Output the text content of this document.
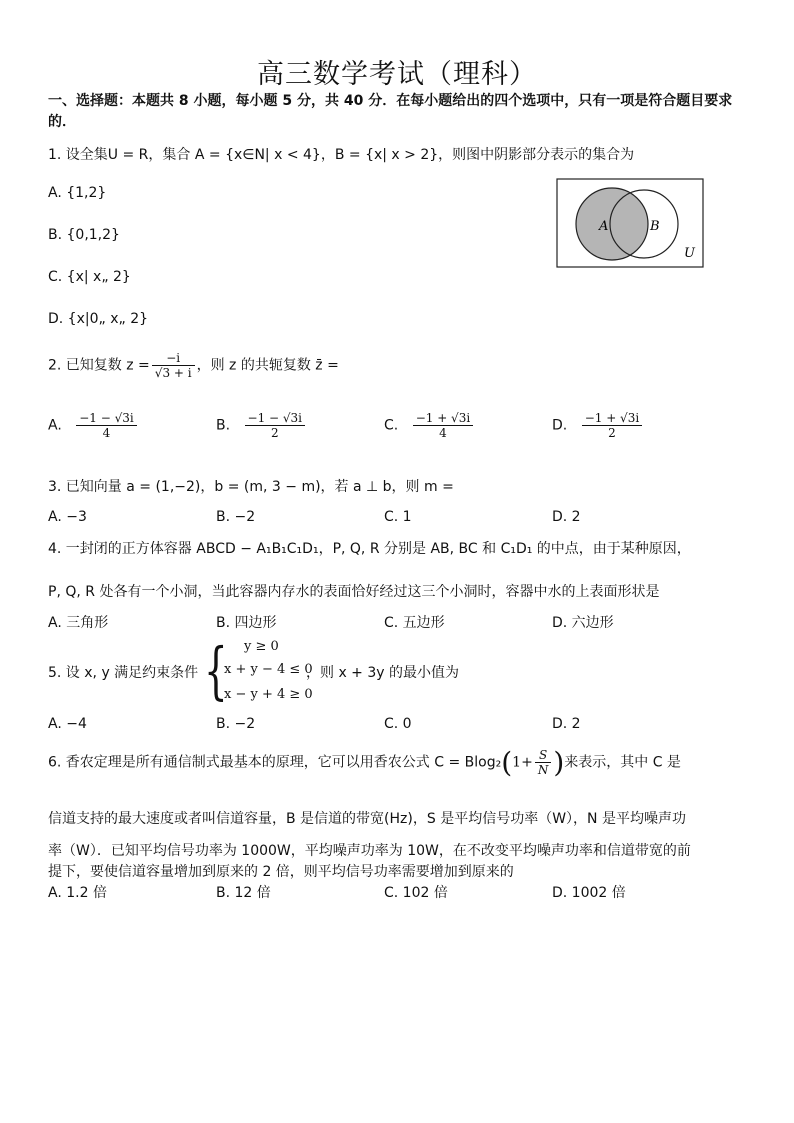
高三数学考试（理科）
一、选择题：本题共 8 小题，每小题 5 分，共 40 分．在每小题给出的四个选项中，只有一项是符合题目要求的．
1. 设全集U = R，集合 A = {x∈N| x < 4}，B = {x| x > 2}，则图中阴影部分表示的集合为
A. {1,2}
B. {0,1,2}
C. {x| x„ 2}
D. {x|0„ x„ 2}
A	B
U
2. 已知复数 $z = \frac{-i}{√3 + i}$ ，则 z 的共轭复数 z̄ =
A. $\frac{-1 - √3i}{4}$	B. $\frac{-1 - √3i}{2}$	C. $\frac{-1 + √3i}{4}$	D. $\frac{-1 + √3i}{2}$
3. 已知向量 a = (1,−2)，b = (m, 3 − m)，若 a ⊥ b，则 m =
A. −3	B. −2	C. 1	D. 2
4. 一封闭的正方体容器 ABCD − A₁B₁C₁D₁，P, Q, R 分别是 AB, BC 和 C₁D₁ 的中点，由于某种原因，
P, Q, R 处各有一个小洞，当此容器内存水的表面恰好经过这三个小洞时，容器中水的上表面形状是
A. 三角形	B. 四边形	C. 五边形	D. 六边形
5. 设 x, y 满足约束条件 { y ≥ 0
x + y − 4 ≤ 0
x − y + 4 ≥ 0
，则 x + 3y 的最小值为
A. −4	B. −2	C. 0	D. 2
6. 香农定理是所有通信制式最基本的原理，它可以用香农公式 $C = Blog_2(1+ \frac{S}{N}$ )来表示，其中 C 是
信道支持的最大速度或者叫信道容量，B 是信道的带宽(Hz)，S 是平均信号功率（W），N 是平均噪声功
率（W）．已知平均信号功率为 1000W，平均噪声功率为 10W，在不改变平均噪声功率和信道带宽的前
提下，要使信道容量增加到原来的 2 倍，则平均信号功率需要增加到原来的
A. 1.2 倍	B. 12 倍	C. 102 倍	D. 1002 倍
